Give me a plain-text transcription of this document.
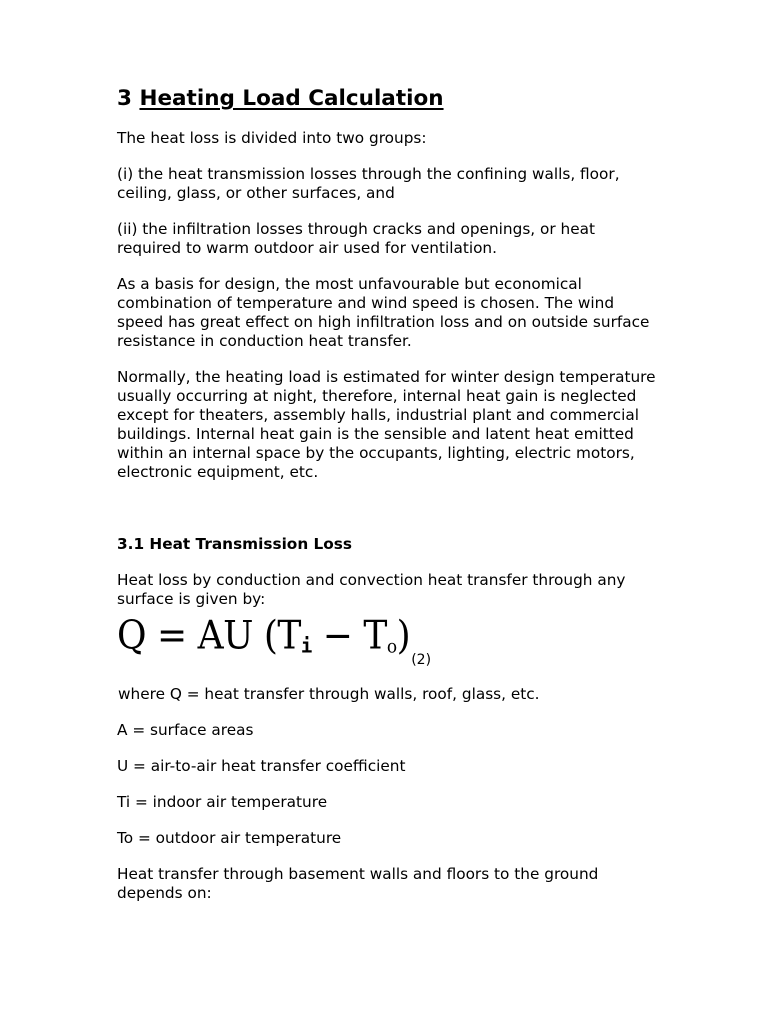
3 Heating Load Calculation

The heat loss is divided into two groups:

(i) the heat transmission losses through the confining walls, floor, ceiling, glass, or other surfaces, and

(ii) the infiltration losses through cracks and openings, or heat required to warm outdoor air used for ventilation.

As a basis for design, the most unfavourable but economical combination of temperature and wind speed is chosen. The wind speed has great effect on high infiltration loss and on outside surface resistance in conduction heat transfer.

Normally, the heating load is estimated for winter design temperature usually occurring at night, therefore, internal heat gain is neglected except for theaters, assembly halls, industrial plant and commercial buildings. Internal heat gain is the sensible and latent heat emitted within an internal space by the occupants, lighting, electric motors, electronic equipment, etc.

3.1 Heat Transmission Loss

Heat loss by conduction and convection heat transfer through any surface is given by:

Q = AU (Ti − To)
(2)

where Q = heat transfer through walls, roof, glass, etc.

A = surface areas

U = air-to-air heat transfer coefficient

Ti = indoor air temperature

To = outdoor air temperature

Heat transfer through basement walls and floors to the ground depends on:
